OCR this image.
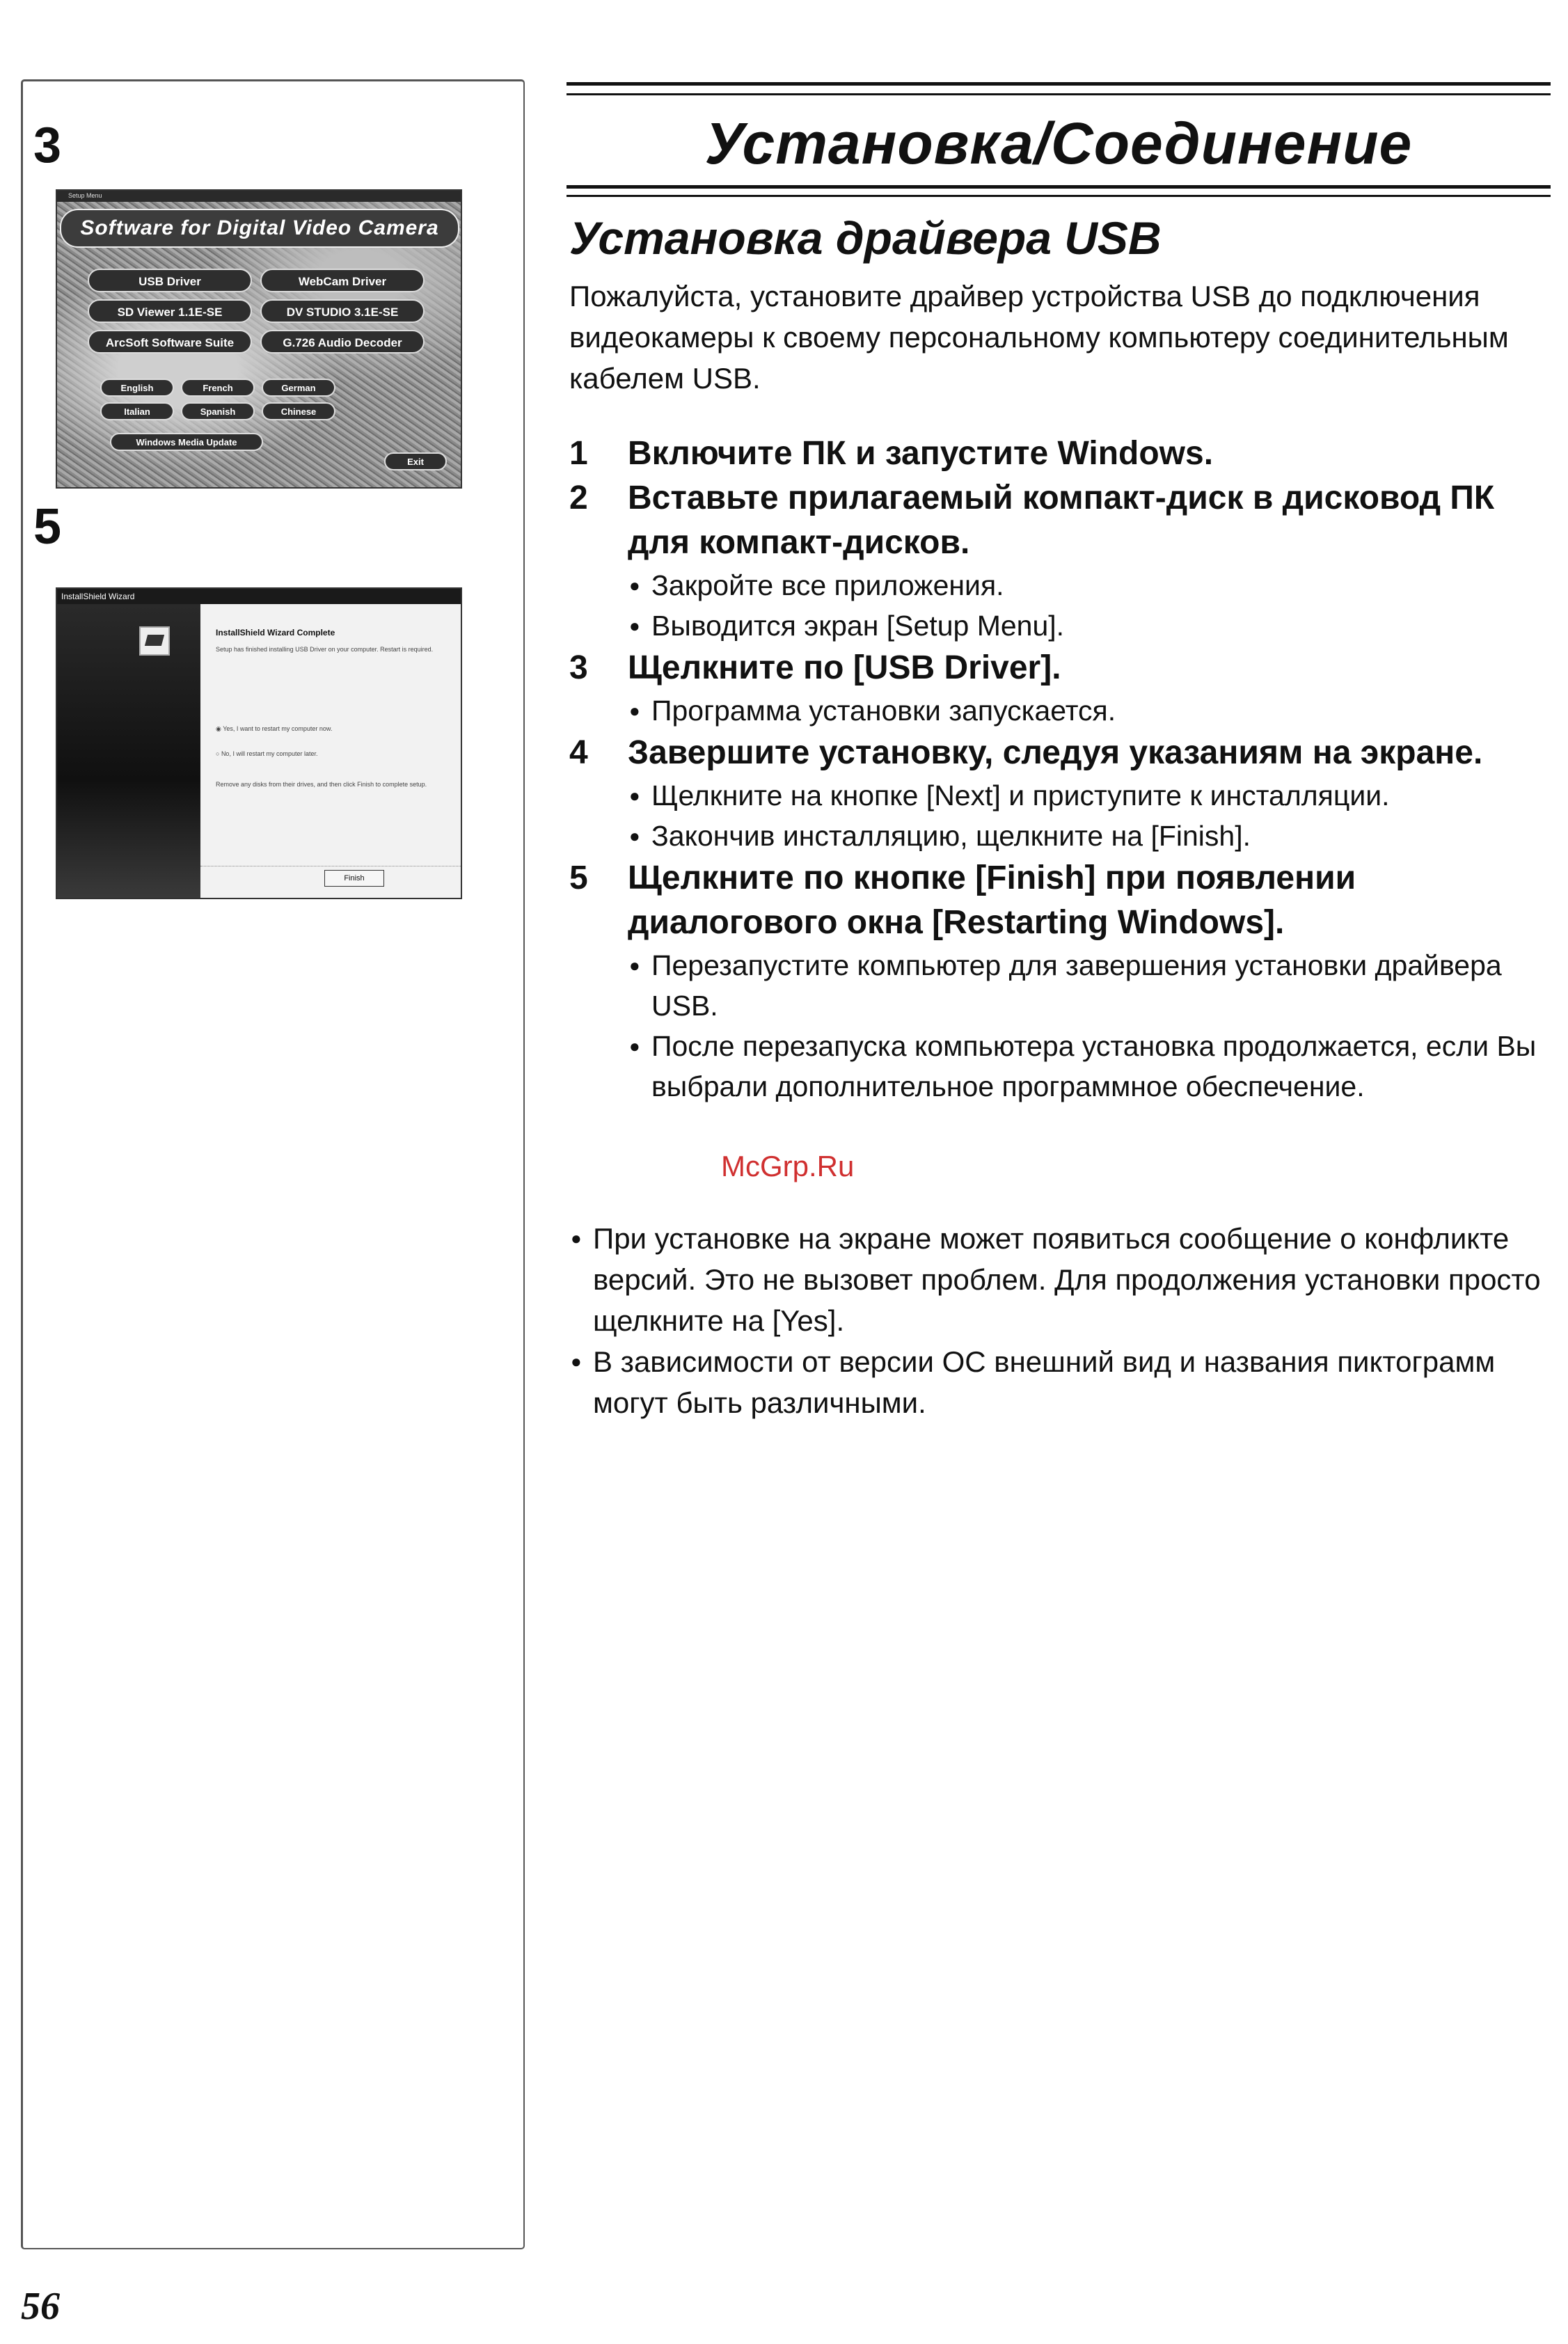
3
Setup Menu
Software for Digital Video Camera
USB Driver	WebCam Driver
SD Viewer 1.1E-SE	DV STUDIO 3.1E-SE
ArcSoft Software Suite	G.726 Audio Decoder
English	French	German
Italian	Spanish	Chinese
Windows Media Update
Exit
5
InstallShield Wizard
InstallShield Wizard Complete
Setup has finished installing USB Driver on your computer. Restart is required.
◉ Yes, I want to restart my computer now.
○ No, I will restart my computer later.
Remove any disks from their drives, and then click Finish to complete setup.
Finish
Установка/Соединение
Установка драйвера USB

Пожалуйста, установите драйвер устройства USB до подключения видеокамеры к своему персональному компьютеру соединительным кабелем USB.

1 Включите ПК и запустите Windows.
2 Вставьте прилагаемый компакт-диск в дисковод ПК для компакт-дисков.
● Закройте все приложения.
● Выводится экран [Setup Menu].
3 Щелкните по [USB Driver].
● Программа установки запускается.
4 Завершите установку, следуя указаниям на экране.
● Щелкните на кнопке [Next] и приступите к инсталляции.
● Закончив инсталляцию, щелкните на [Finish].
5 Щелкните по кнопке [Finish] при появлении диалогового окна [Restarting Windows].
● Перезапустите компьютер для завершения установки драйвера USB.
● После перезапуска компьютера установка продолжается, если Вы выбрали дополнительное программное обеспечение.
McGrp.Ru
● При установке на экране может появиться сообщение о конфликте версий. Это не вызовет проблем. Для продолжения установки просто щелкните на [Yes].
● В зависимости от версии ОС внешний вид и названия пиктограмм могут быть различными.
56
